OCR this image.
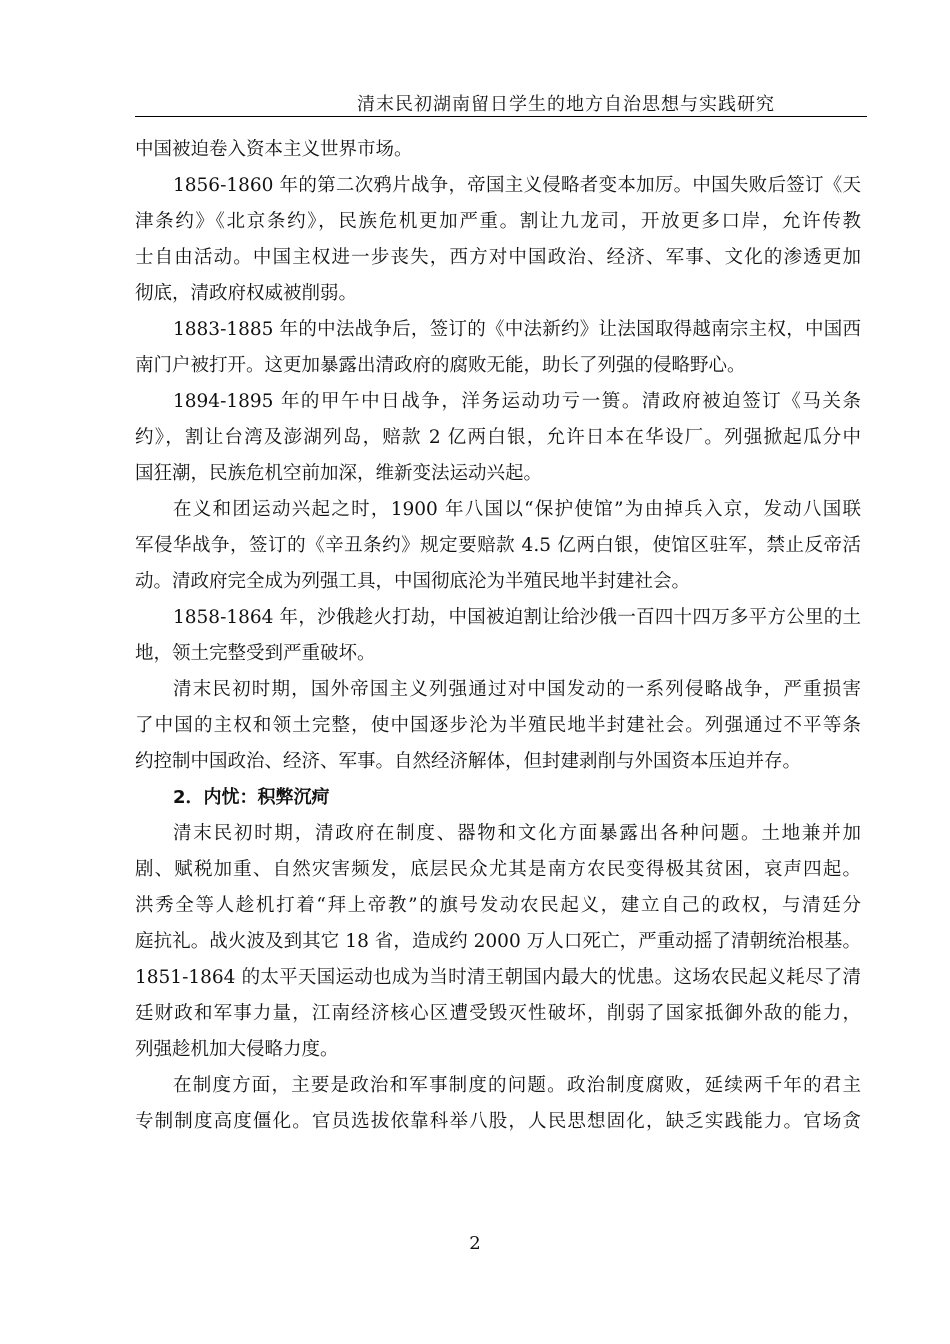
清末民初湖南留日学生的地方自治思想与实践研究
中国被迫卷入资本主义世界市场。
1856-1860 年的第二次鸦片战争，帝国主义侵略者变本加厉。中国失败后签订《天
津条约》《北京条约》，民族危机更加严重。割让九龙司，开放更多口岸，允许传教
士自由活动。中国主权进一步丧失，西方对中国政治、经济、军事、文化的渗透更加
彻底，清政府权威被削弱。
1883-1885 年的中法战争后，签订的《中法新约》让法国取得越南宗主权，中国西
南门户被打开。这更加暴露出清政府的腐败无能，助长了列强的侵略野心。
1894-1895 年的甲午中日战争，洋务运动功亏一篑。清政府被迫签订《马关条
约》，割让台湾及澎湖列岛，赔款 2 亿两白银，允许日本在华设厂。列强掀起瓜分中
国狂潮，民族危机空前加深，维新变法运动兴起。
在义和团运动兴起之时，1900 年八国以“保护使馆”为由掉兵入京，发动八国联
军侵华战争，签订的《辛丑条约》规定要赔款 4.5 亿两白银，使馆区驻军，禁止反帝活
动。清政府完全成为列强工具，中国彻底沦为半殖民地半封建社会。
1858-1864 年，沙俄趁火打劫，中国被迫割让给沙俄一百四十四万多平方公里的土
地，领土完整受到严重破坏。
清末民初时期，国外帝国主义列强通过对中国发动的一系列侵略战争，严重损害
了中国的主权和领土完整，使中国逐步沦为半殖民地半封建社会。列强通过不平等条
约控制中国政治、经济、军事。自然经济解体，但封建剥削与外国资本压迫并存。
2．内忧：积弊沉疴
清末民初时期，清政府在制度、器物和文化方面暴露出各种问题。土地兼并加
剧、赋税加重、自然灾害频发，底层民众尤其是南方农民变得极其贫困，哀声四起。
洪秀全等人趁机打着“拜上帝教”的旗号发动农民起义，建立自己的政权，与清廷分
庭抗礼。战火波及到其它 18 省，造成约 2000 万人口死亡，严重动摇了清朝统治根基。
1851-1864 的太平天国运动也成为当时清王朝国内最大的忧患。这场农民起义耗尽了清
廷财政和军事力量，江南经济核心区遭受毁灭性破坏，削弱了国家抵御外敌的能力，
列强趁机加大侵略力度。
在制度方面，主要是政治和军事制度的问题。政治制度腐败，延续两千年的君主
专制制度高度僵化。官员选拔依靠科举八股，人民思想固化，缺乏实践能力。官场贪
2
